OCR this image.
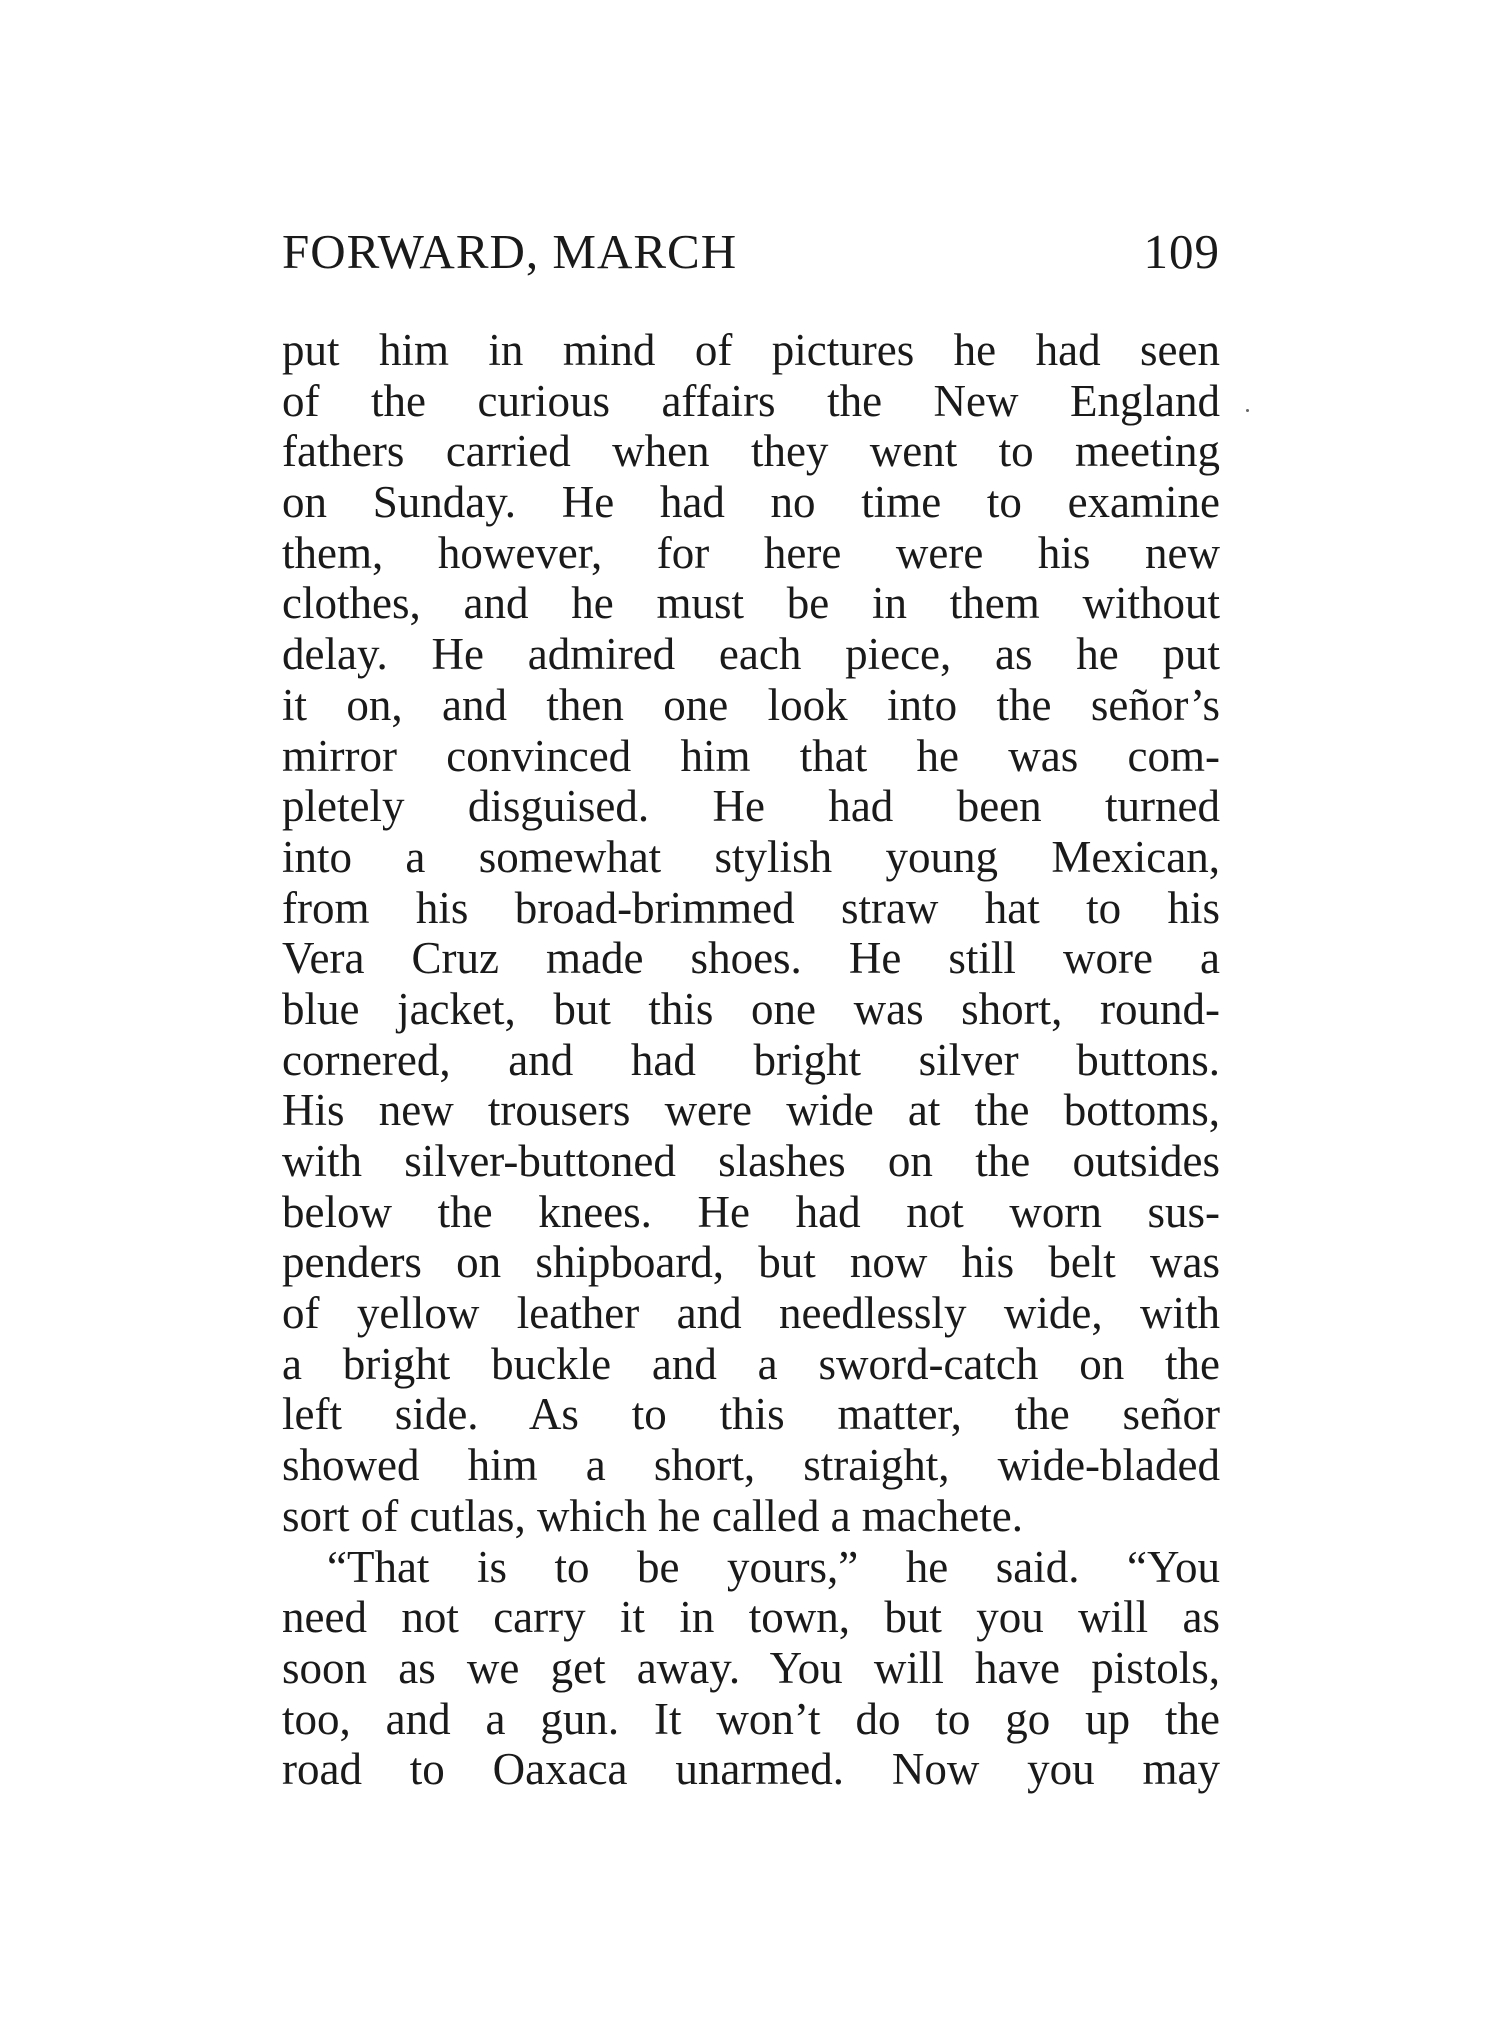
FORWARD, MARCH	109
put him in mind of pictures he had seen
of the curious affairs the New England
fathers carried when they went to meeting
on Sunday. He had no time to examine
them, however, for here were his new
clothes, and he must be in them without
delay. He admired each piece, as he put
it on, and then one look into the señor’s
mirror convinced him that he was com-
pletely disguised. He had been turned
into a somewhat stylish young Mexican,
from his broad-brimmed straw hat to his
Vera Cruz made shoes. He still wore a
blue jacket, but this one was short, round-
cornered, and had bright silver buttons.
His new trousers were wide at the bottoms,
with silver-buttoned slashes on the outsides
below the knees. He had not worn sus-
penders on shipboard, but now his belt was
of yellow leather and needlessly wide, with
a bright buckle and a sword-catch on the
left side. As to this matter, the señor
showed him a short, straight, wide-bladed
sort of cutlas, which he called a machete.
“That is to be yours,” he said. “You
need not carry it in town, but you will as
soon as we get away. You will have pistols,
too, and a gun. It won’t do to go up the
road to Oaxaca unarmed. Now you may
